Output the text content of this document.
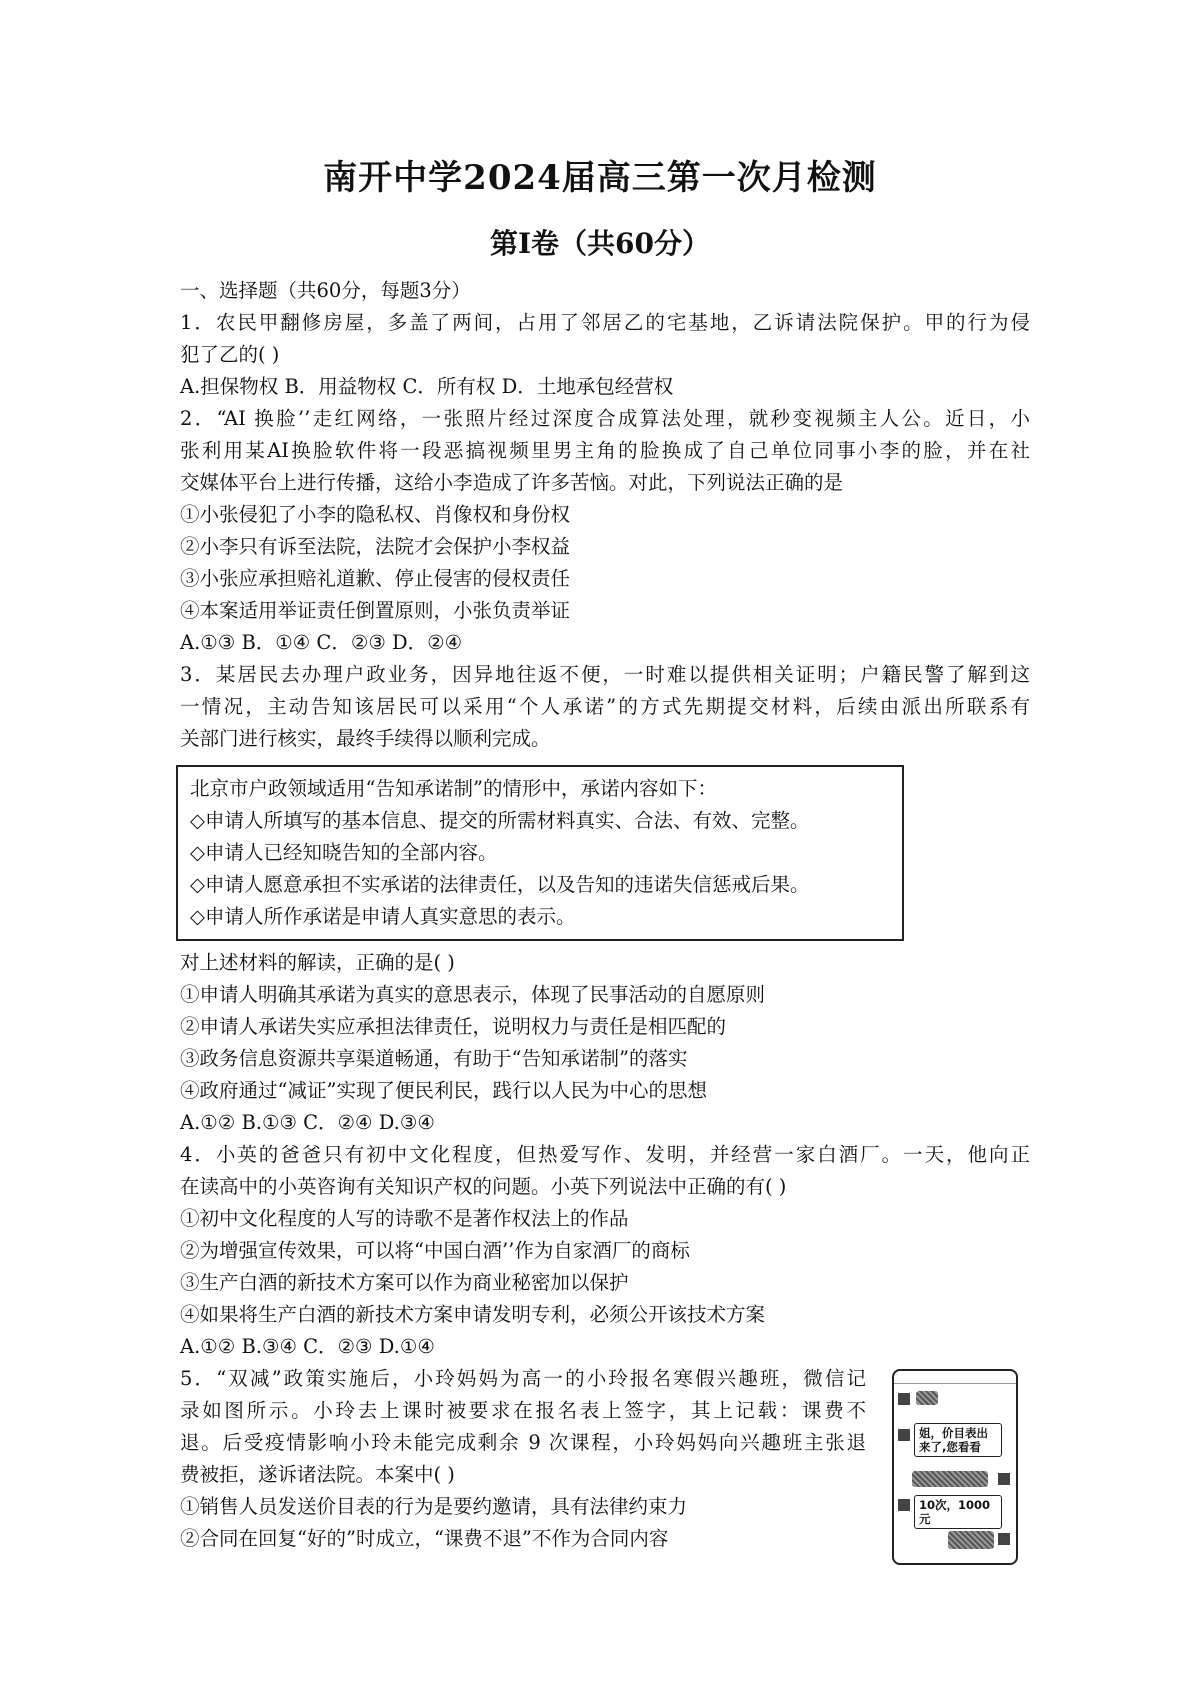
南开中学2024届高三第一次月检测
第I卷（共60分）
一、选择题（共60分，每题3分）
1．农民甲翻修房屋，多盖了两间，占用了邻居乙的宅基地，乙诉请法院保护。甲的行为侵
犯了乙的( )
A.担保物权 B．用益物权 C．所有权 D．土地承包经营权
2．“AI 换脸’’走红网络，一张照片经过深度合成算法处理，就秒变视频主人公。近日，小
张利用某AI换脸软件将一段恶搞视频里男主角的脸换成了自己单位同事小李的脸，并在社
交媒体平台上进行传播，这给小李造成了许多苦恼。对此，下列说法正确的是
①小张侵犯了小李的隐私权、肖像权和身份权
②小李只有诉至法院，法院才会保护小李权益
③小张应承担赔礼道歉、停止侵害的侵权责任
④本案适用举证责任倒置原则，小张负责举证
A.①③ B．①④ C．②③ D．②④
3．某居民去办理户政业务，因异地往返不便，一时难以提供相关证明；户籍民警了解到这
一情况，主动告知该居民可以采用“个人承诺”的方式先期提交材料，后续由派出所联系有
关部门进行核实，最终手续得以顺利完成。
北京市户政领域适用“告知承诺制”的情形中，承诺内容如下：
◇申请人所填写的基本信息、提交的所需材料真实、合法、有效、完整。
◇申请人已经知晓告知的全部内容。
◇申请人愿意承担不实承诺的法律责任，以及告知的违诺失信惩戒后果。
◇申请人所作承诺是申请人真实意思的表示。
对上述材料的解读，正确的是( )
①申请人明确其承诺为真实的意思表示，体现了民事活动的自愿原则
②申请人承诺失实应承担法律责任，说明权力与责任是相匹配的
③政务信息资源共享渠道畅通，有助于“告知承诺制”的落实
④政府通过“减证”实现了便民利民，践行以人民为中心的思想
A.①② B.①③ C．②④ D.③④
4．小英的爸爸只有初中文化程度，但热爱写作、发明，并经营一家白酒厂。一天，他向正
在读高中的小英咨询有关知识产权的问题。小英下列说法中正确的有( )
①初中文化程度的人写的诗歌不是著作权法上的作品
②为增强宣传效果，可以将“中国白酒’’作为自家酒厂的商标
③生产白酒的新技术方案可以作为商业秘密加以保护
④如果将生产白酒的新技术方案申请发明专利，必须公开该技术方案
A.①② B.③④ C．②③ D.①④
5．“双减”政策实施后，小玲妈妈为高一的小玲报名寒假兴趣班，微信记
录如图所示。小玲去上课时被要求在报名表上签字，其上记载：课费不
退。后受疫情影响小玲未能完成剩余 9 次课程，小玲妈妈向兴趣班主张退
费被拒，遂诉诸法院。本案中( )
①销售人员发送价目表的行为是要约邀请，具有法律约束力
②合同在回复“好的”时成立，“课费不退”不作为合同内容
姐，价目表出来了,您看看
10次，1000元
